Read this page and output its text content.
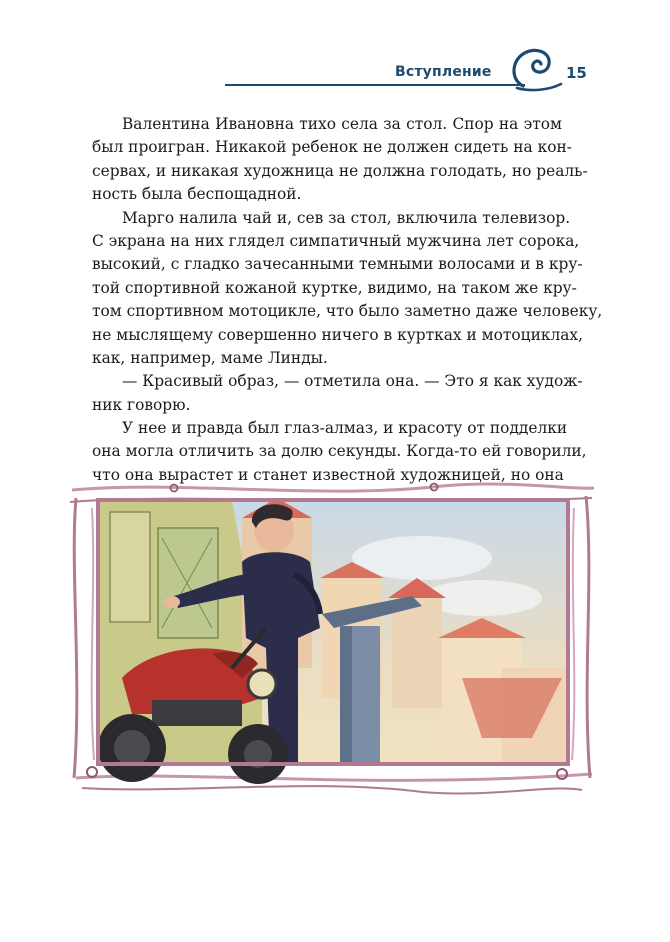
Вступление	15
Валентина Ивановна тихо села за стол. Спор на этом
был проигран. Никакой ребенок не должен сидеть на кон-
сервах, и никакая художница не должна голодать, но реаль-
ность была беспощадной.
Марго налила чай и, сев за стол, включила телевизор.
С экрана на них глядел симпатичный мужчина лет сорока,
высокий, с гладко зачесанными темными волосами и в кру-
той спортивной кожаной куртке, видимо, на таком же кру-
том спортивном мотоцикле, что было заметно даже человеку,
не мыслящему совершенно ничего в куртках и мотоциклах,
как, например, маме Линды.
— Красивый образ, — отметила она. — Это я как худож-
ник говорю.
У нее и правда был глаз-алмаз, и красоту от подделки
она могла отличить за долю секунды. Когда-то ей говорили,
что она вырастет и станет известной художницей, но она
